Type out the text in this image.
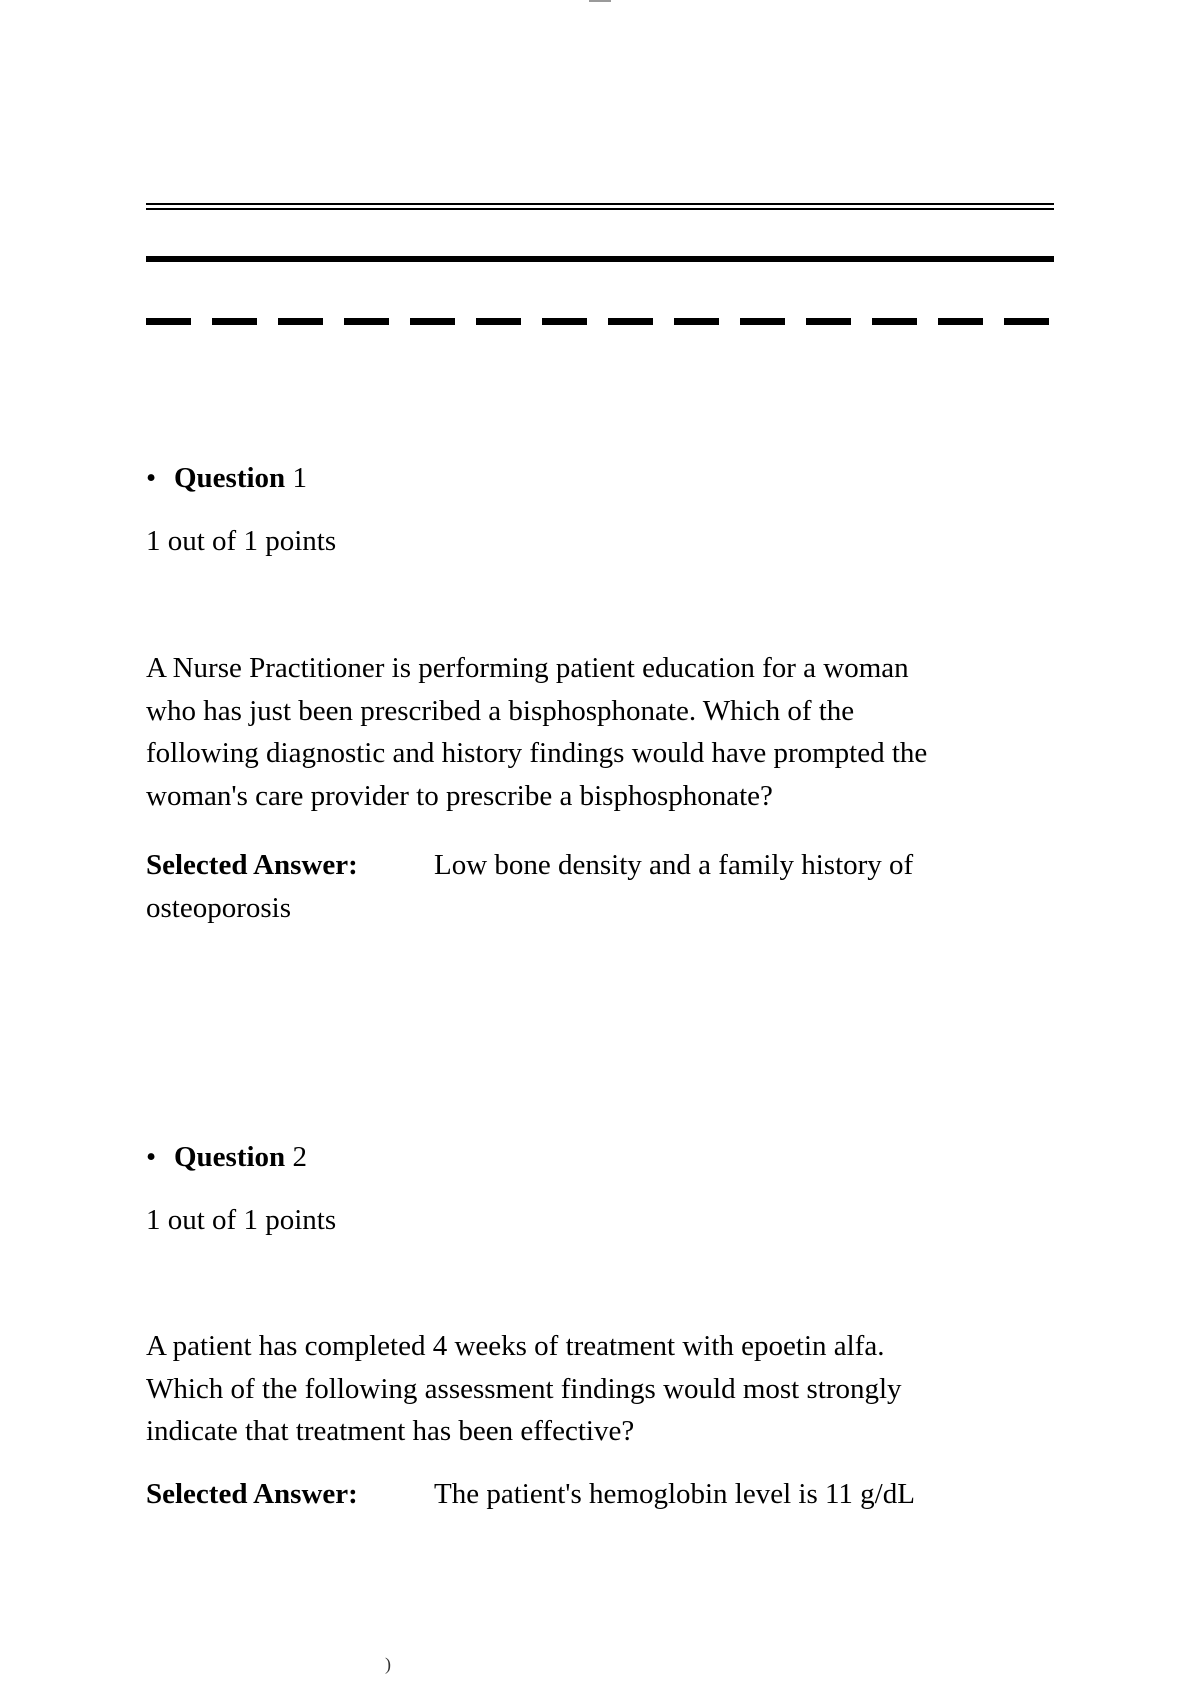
• Question 1
1 out of 1 points
A Nurse Practitioner is performing patient education for a woman
who has just been prescribed a bisphosphonate. Which of the
following diagnostic and history findings would have prompted the
woman's care provider to prescribe a bisphosphonate?
Selected Answer:	Low bone density and a family history of
osteoporosis
• Question 2
1 out of 1 points
A patient has completed 4 weeks of treatment with epoetin alfa.
Which of the following assessment findings would most strongly
indicate that treatment has been effective?
Selected Answer:	The patient's hemoglobin level is 11 g/dL
)
